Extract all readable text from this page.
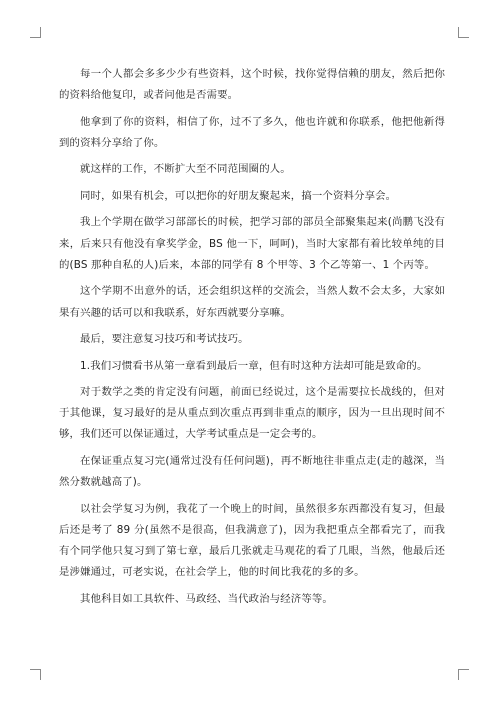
每一个人都会多多少少有些资料，这个时候，找你觉得信赖的朋友，然后把你的资料给他复印，或者问他是否需要。

他拿到了你的资料，相信了你，过不了多久，他也许就和你联系，他把他新得到的资料分享给了你。

就这样的工作，不断扩大至不同范围圈的人。

同时，如果有机会，可以把你的好朋友聚起来，搞一个资料分享会。

我上个学期在做学习部部长的时候，把学习部的部员全部聚集起来(尚鹏飞没有来，后来只有他没有拿奖学金，BS 他一下，呵呵)，当时大家都有着比较单纯的目的(BS 那种自私的人)后来，本部的同学有 8 个甲等、3 个乙等第一、1 个丙等。

这个学期不出意外的话，还会组织这样的交流会，当然人数不会太多，大家如果有兴趣的话可以和我联系，好东西就要分享嘛。

最后，要注意复习技巧和考试技巧。

1.我们习惯看书从第一章看到最后一章，但有时这种方法却可能是致命的。

对于数学之类的肯定没有问题，前面已经说过，这个是需要拉长战线的，但对于其他课，复习最好的是从重点到次重点再到非重点的顺序，因为一旦出现时间不够，我们还可以保证通过，大学考试重点是一定会考的。

在保证重点复习完(通常过没有任何问题)，再不断地往非重点走(走的越深，当然分数就越高了)。

以社会学复习为例，我花了一个晚上的时间，虽然很多东西都没有复习，但最后还是考了 89 分(虽然不是很高，但我满意了)，因为我把重点全都看完了，而我有个同学他只复习到了第七章，最后几张就走马观花的看了几眼，当然，他最后还是涉嫌通过，可老实说，在社会学上，他的时间比我花的多的多。

其他科目如工具软件、马政经、当代政治与经济等等。
